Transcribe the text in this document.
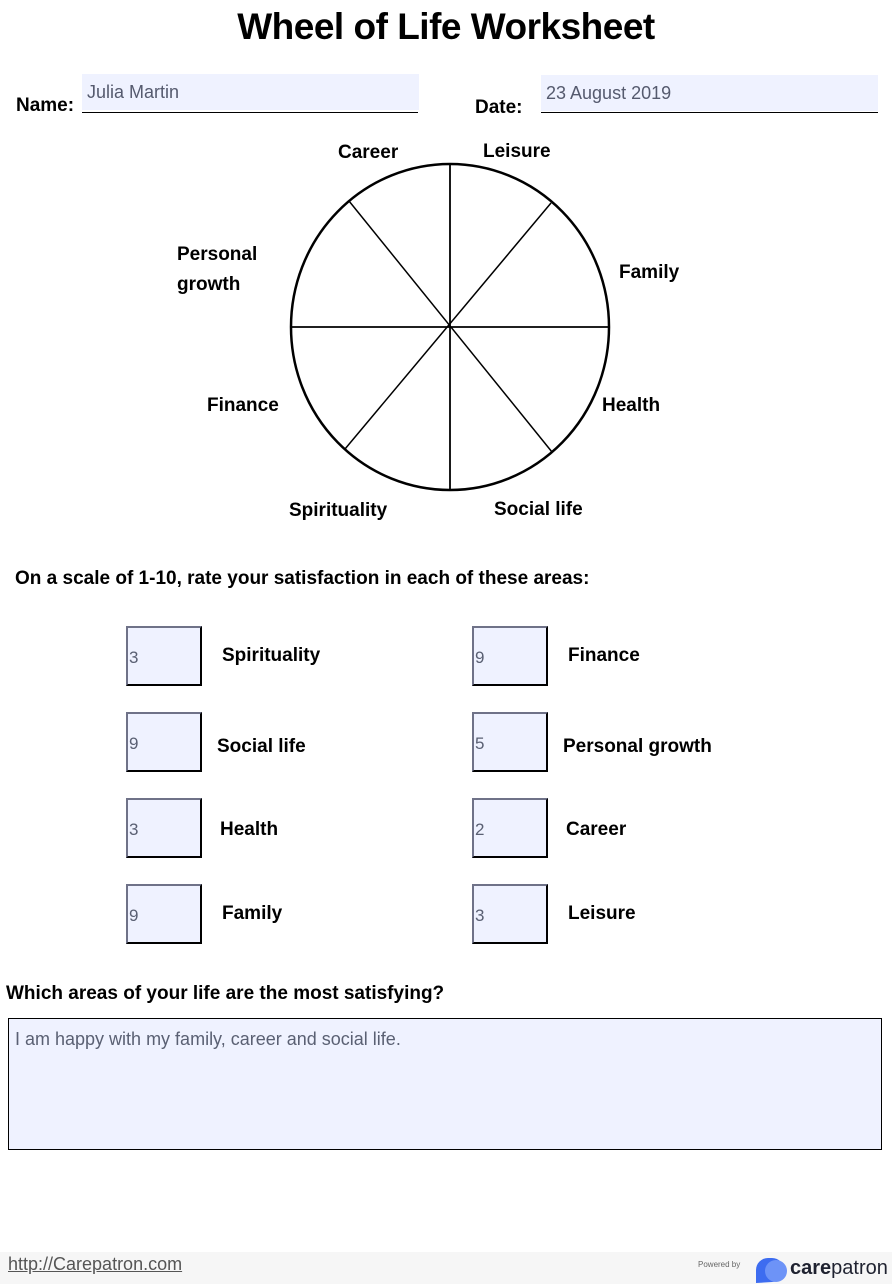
Wheel of Life Worksheet
Name:
Julia Martin
Date:
23 August 2019
Career	Leisure
Personal
growth
Family
Finance	Health
Spirituality	Social life
On a scale of 1-10, rate your satisfaction in each of these areas:
3	Spirituality	9	Finance
9	Social life	5	Personal growth
3	Health	2	Career
9	Family	3	Leisure
Which areas of your life are the most satisfying?
I am happy with my family, career and social life.
http://Carepatron.com	Powered by carepatron
